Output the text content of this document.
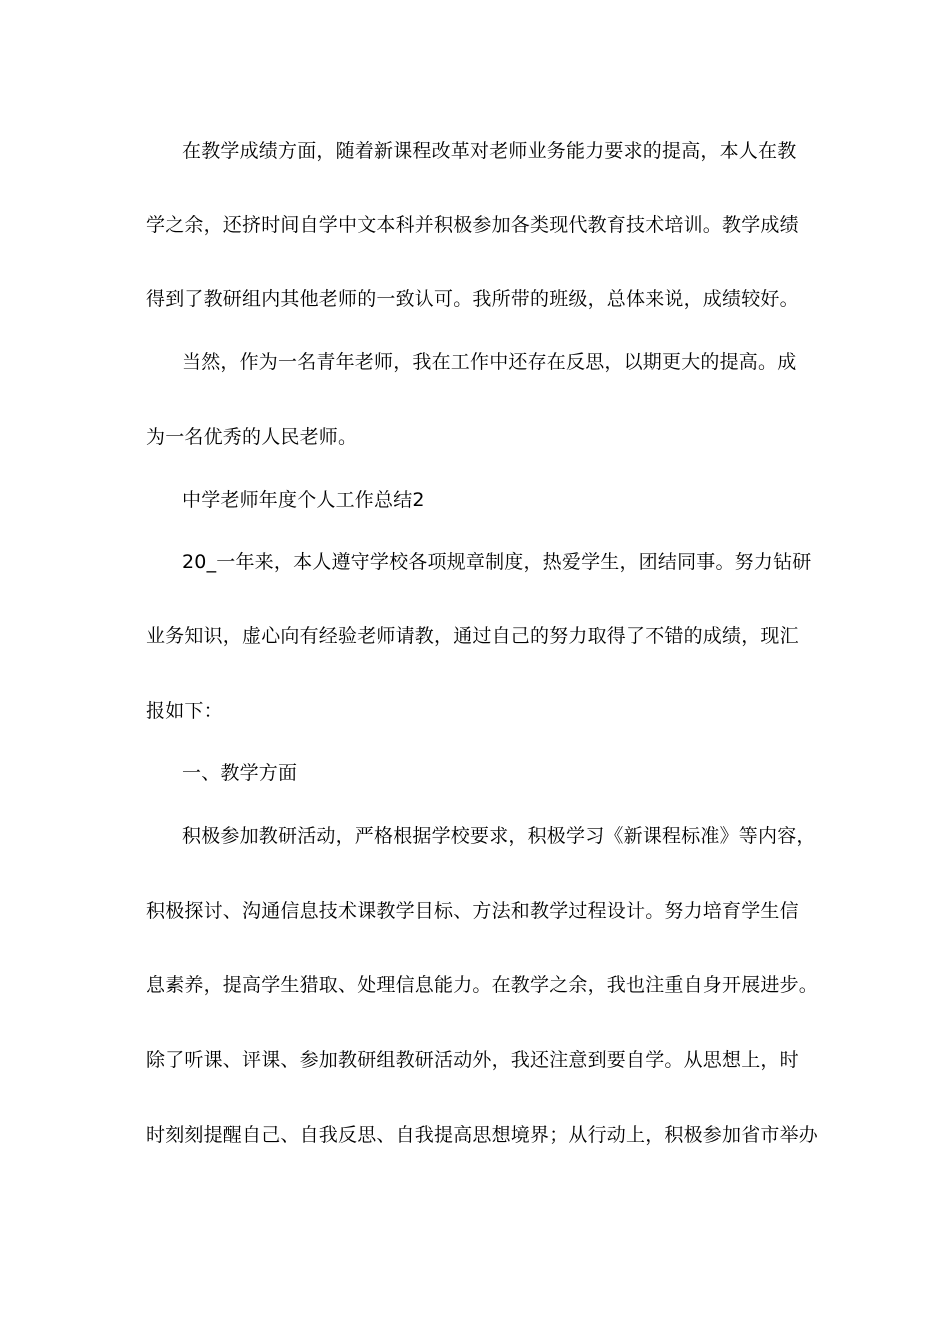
在教学成绩方面，随着新课程改革对老师业务能力要求的提高，本人在教
学之余，还挤时间自学中文本科并积极参加各类现代教育技术培训。教学成绩
得到了教研组内其他老师的一致认可。我所带的班级，总体来说，成绩较好。
当然，作为一名青年老师，我在工作中还存在反思，以期更大的提高。成
为一名优秀的人民老师。
中学老师年度个人工作总结2
20_一年来，本人遵守学校各项规章制度，热爱学生，团结同事。努力钻研
业务知识，虚心向有经验老师请教，通过自己的努力取得了不错的成绩，现汇
报如下：
一、教学方面
积极参加教研活动，严格根据学校要求，积极学习《新课程标准》等内容，
积极探讨、沟通信息技术课教学目标、方法和教学过程设计。努力培育学生信
息素养，提高学生猎取、处理信息能力。在教学之余，我也注重自身开展进步。
除了听课、评课、参加教研组教研活动外，我还注意到要自学。从思想上，时
时刻刻提醒自己、自我反思、自我提高思想境界；从行动上，积极参加省市举办
